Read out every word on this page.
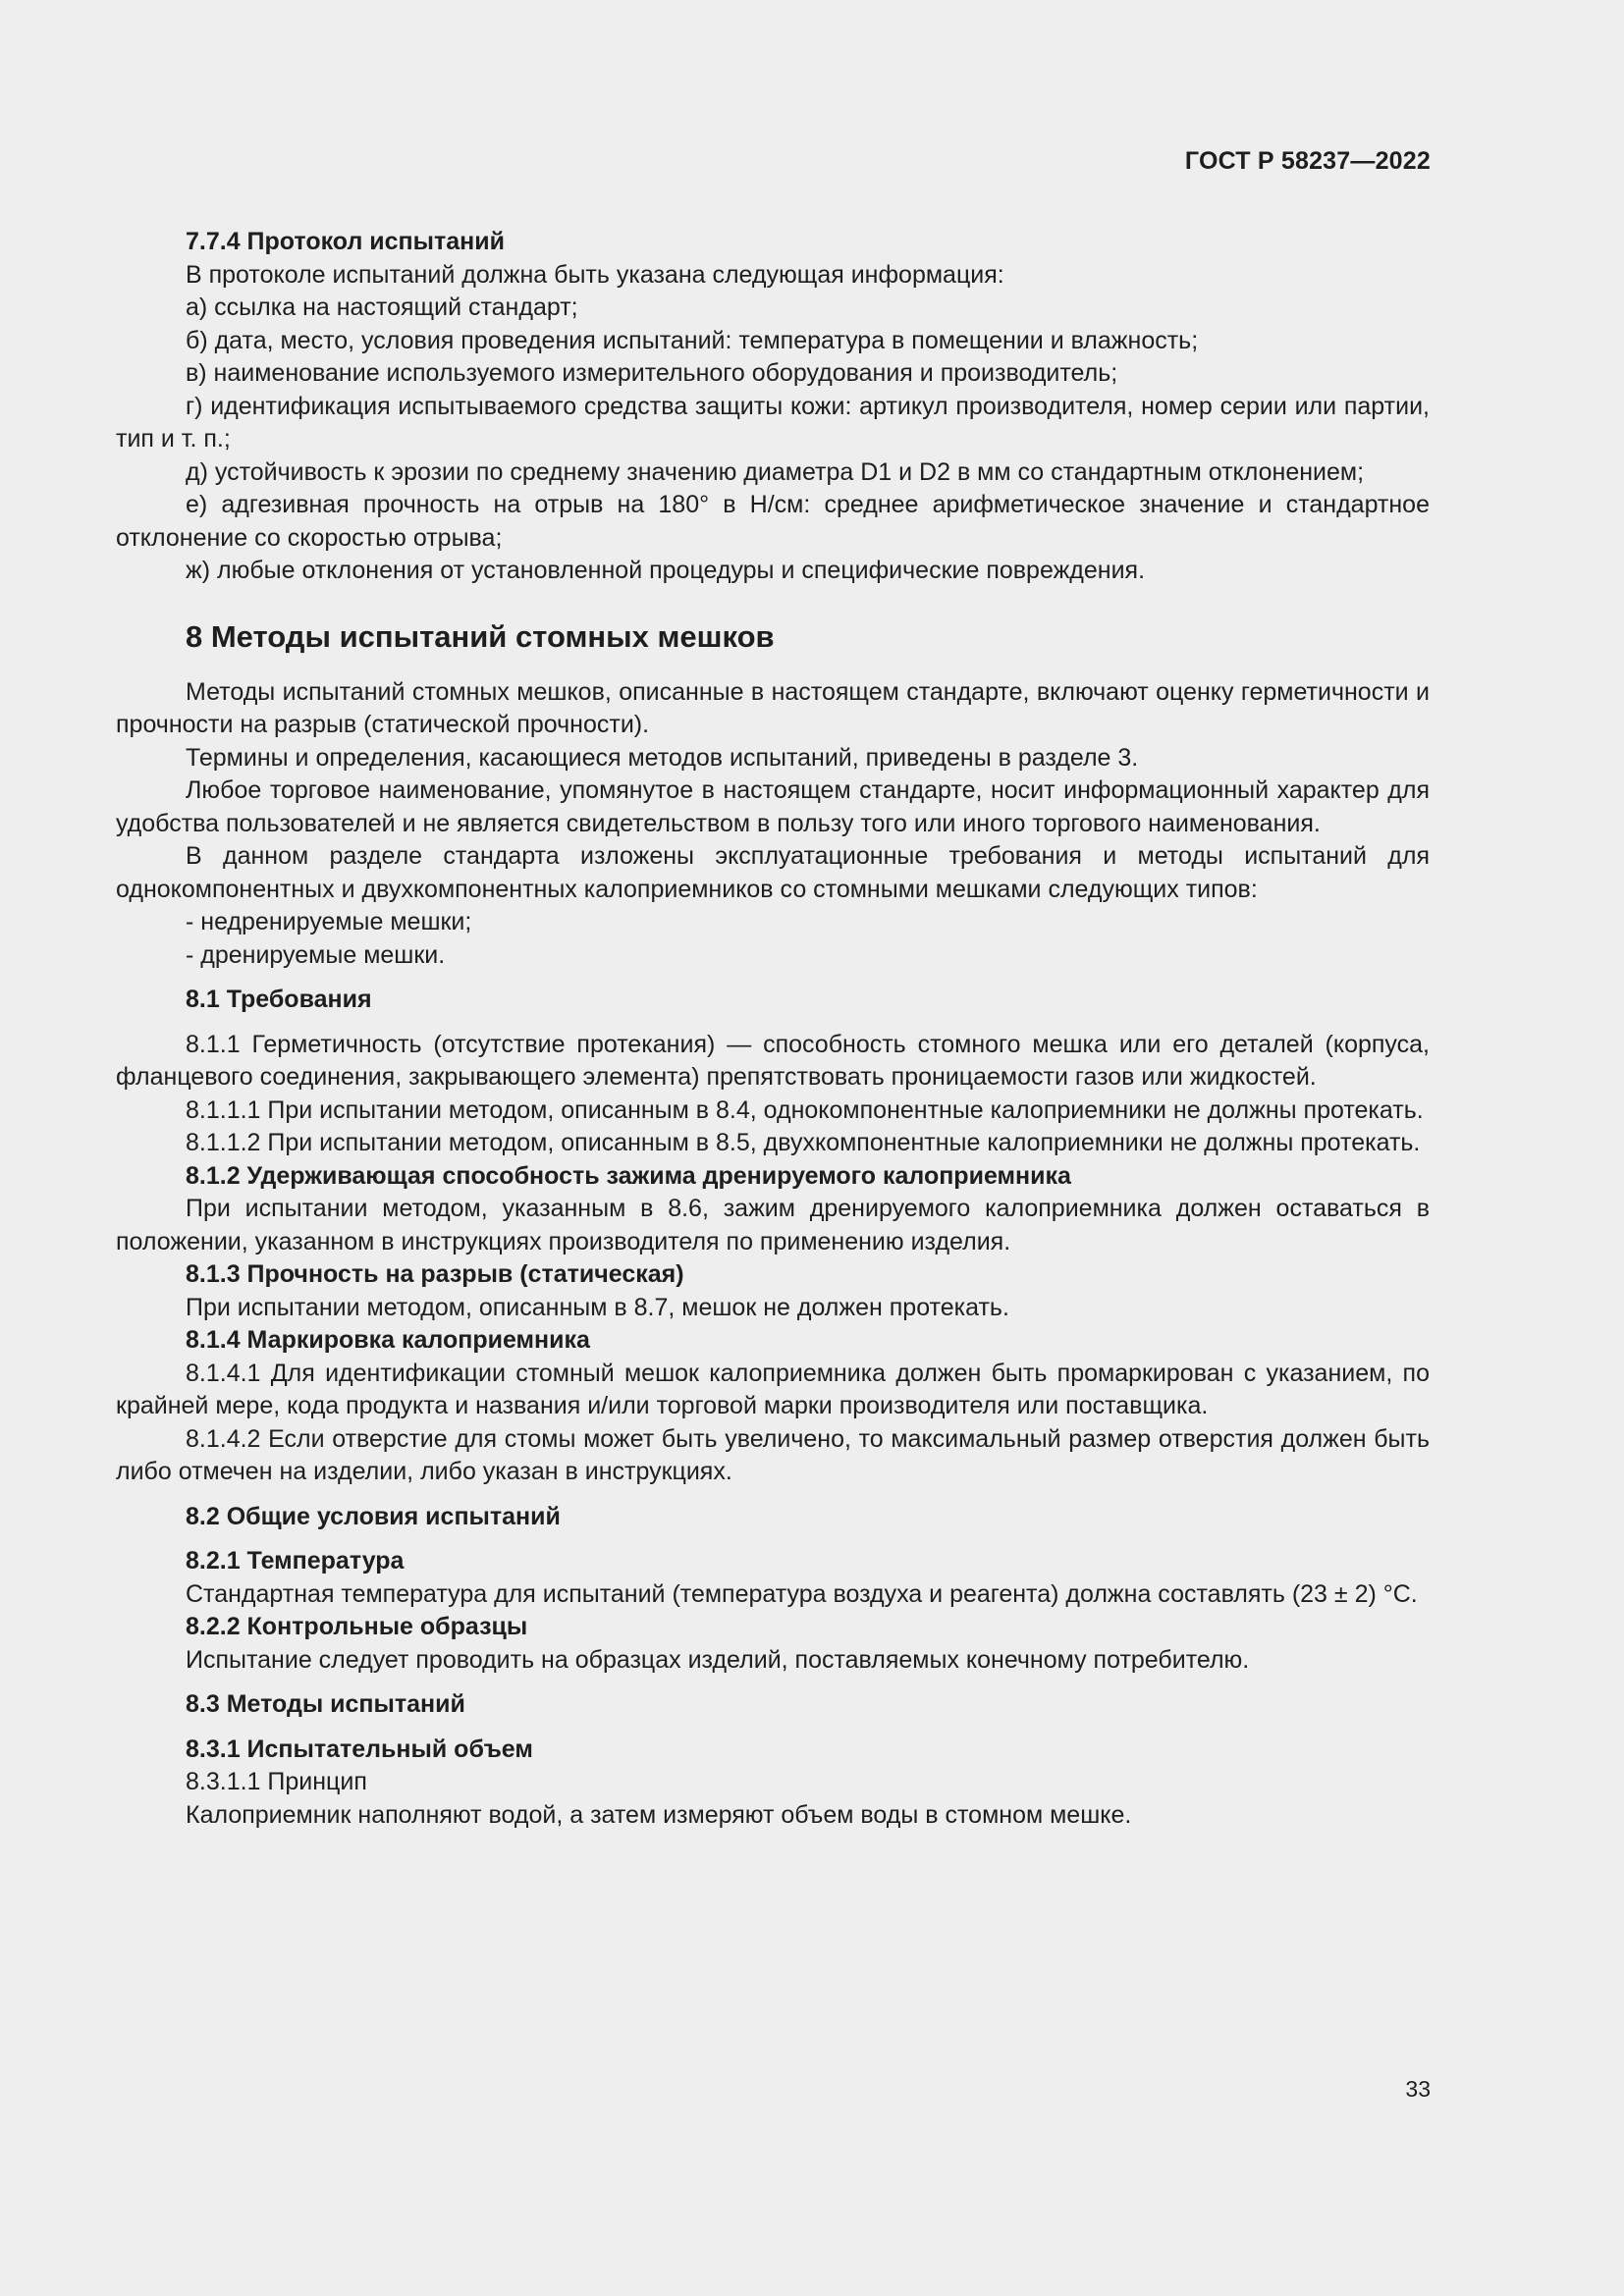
ГОСТ Р 58237—2022
7.7.4 Протокол испытаний

В протоколе испытаний должна быть указана следующая информация:

а) ссылка на настоящий стандарт;

б) дата, место, условия проведения испытаний: температура в помещении и влажность;

в) наименование используемого измерительного оборудования и производитель;

г) идентификация испытываемого средства защиты кожи: артикул производителя, номер серии или партии, тип и т. п.;

д) устойчивость к эрозии по среднему значению диаметра D1 и D2 в мм со стандартным отклонением;

е) адгезивная прочность на отрыв на 180° в Н/см: среднее арифметическое значение и стандартное отклонение со скоростью отрыва;

ж) любые отклонения от установленной процедуры и специфические повреждения.

8 Методы испытаний стомных мешков

Методы испытаний стомных мешков, описанные в настоящем стандарте, включают оценку герметичности и прочности на разрыв (статической прочности).

Термины и определения, касающиеся методов испытаний, приведены в разделе 3.

Любое торговое наименование, упомянутое в настоящем стандарте, носит информационный характер для удобства пользователей и не является свидетельством в пользу того или иного торгового наименования.

В данном разделе стандарта изложены эксплуатационные требования и методы испытаний для однокомпонентных и двухкомпонентных калоприемников со стомными мешками следующих типов:

- недренируемые мешки;

- дренируемые мешки.

8.1 Требования

8.1.1 Герметичность (отсутствие протекания) — способность стомного мешка или его деталей (корпуса, фланцевого соединения, закрывающего элемента) препятствовать проницаемости газов или жидкостей.

8.1.1.1 При испытании методом, описанным в 8.4, однокомпонентные калоприемники не должны протекать.

8.1.1.2 При испытании методом, описанным в 8.5, двухкомпонентные калоприемники не должны протекать.

8.1.2 Удерживающая способность зажима дренируемого калоприемника

При испытании методом, указанным в 8.6, зажим дренируемого калоприемника должен оставаться в положении, указанном в инструкциях производителя по применению изделия.

8.1.3 Прочность на разрыв (статическая)

При испытании методом, описанным в 8.7, мешок не должен протекать.

8.1.4 Маркировка калоприемника

8.1.4.1 Для идентификации стомный мешок калоприемника должен быть промаркирован с указанием, по крайней мере, кода продукта и названия и/или торговой марки производителя или поставщика.

8.1.4.2 Если отверстие для стомы может быть увеличено, то максимальный размер отверстия должен быть либо отмечен на изделии, либо указан в инструкциях.

8.2 Общие условия испытаний
8.2.1 Температура

Стандартная температура для испытаний (температура воздуха и реагента) должна составлять (23 ± 2) °С.

8.2.2 Контрольные образцы

Испытание следует проводить на образцах изделий, поставляемых конечному потребителю.

8.3 Методы испытаний
8.3.1 Испытательный объем

8.3.1.1 Принцип

Калоприемник наполняют водой, а затем измеряют объем воды в стомном мешке.

33
